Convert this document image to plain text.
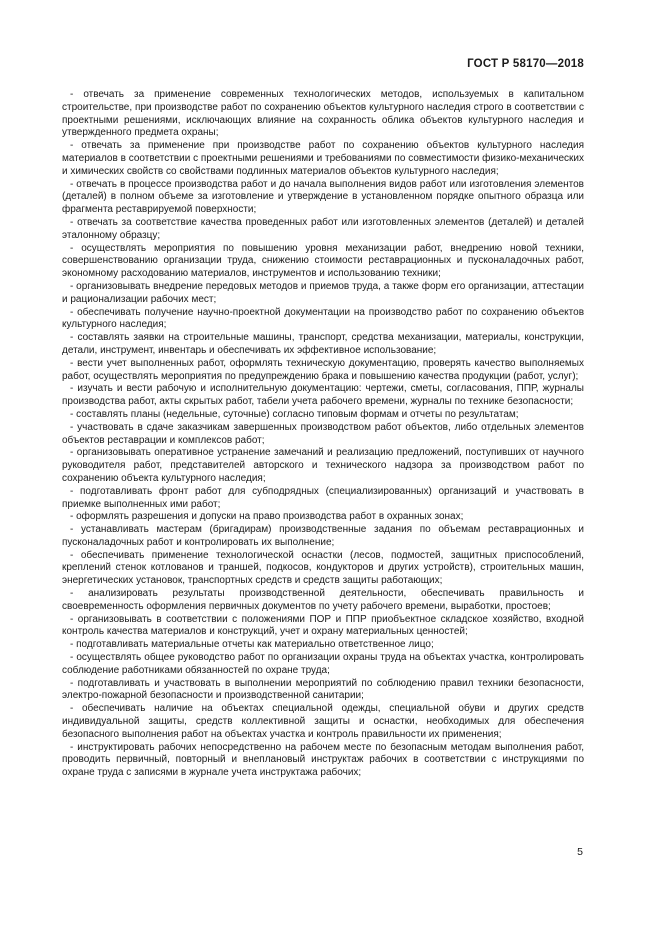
ГОСТ Р 58170—2018

- отвечать за применение современных технологических методов, используемых в капитальном строительстве, при производстве работ по сохранению объектов культурного наследия строго в соответствии с проектными решениями, исключающих влияние на сохранность облика объектов культурного наследия и утвержденного предмета охраны;

- отвечать за применение при производстве работ по сохранению объектов культурного наследия материалов в соответствии с проектными решениями и требованиями по совместимости физико-механических и химических свойств со свойствами подлинных материалов объектов культурного наследия;

- отвечать в процессе производства работ и до начала выполнения видов работ или изготовления элементов (деталей) в полном объеме за изготовление и утверждение в установленном порядке опытного образца или фрагмента реставрируемой поверхности;

- отвечать за соответствие качества проведенных работ или изготовленных элементов (деталей) и деталей эталонному образцу;

- осуществлять мероприятия по повышению уровня механизации работ, внедрению новой техники, совершенствованию организации труда, снижению стоимости реставрационных и пусконаладочных работ, экономному расходованию материалов, инструментов и использованию техники;

- организовывать внедрение передовых методов и приемов труда, а также форм его организации, аттестации и рационализации рабочих мест;

- обеспечивать получение научно-проектной документации на производство работ по сохранению объектов культурного наследия;

- составлять заявки на строительные машины, транспорт, средства механизации, материалы, конструкции, детали, инструмент, инвентарь и обеспечивать их эффективное использование;

- вести учет выполненных работ, оформлять техническую документацию, проверять качество выполняемых работ, осуществлять мероприятия по предупреждению брака и повышению качества продукции (работ, услуг);

- изучать и вести рабочую и исполнительную документацию: чертежи, сметы, согласования, ППР, журналы производства работ, акты скрытых работ, табели учета рабочего времени, журналы по технике безопасности;

- составлять планы (недельные, суточные) согласно типовым формам и отчеты по результатам;

- участвовать в сдаче заказчикам завершенных производством работ объектов, либо отдельных элементов объектов реставрации и комплексов работ;

- организовывать оперативное устранение замечаний и реализацию предложений, поступивших от научного руководителя работ, представителей авторского и технического надзора за производством работ по сохранению объекта культурного наследия;

- подготавливать фронт работ для субподрядных (специализированных) организаций и участвовать в приемке выполненных ими работ;

- оформлять разрешения и допуски на право производства работ в охранных зонах;

- устанавливать мастерам (бригадирам) производственные задания по объемам реставрационных и пусконаладочных работ и контролировать их выполнение;

- обеспечивать применение технологической оснастки (лесов, подмостей, защитных приспособлений, креплений стенок котлованов и траншей, подкосов, кондукторов и других устройств), строительных машин, энергетических установок, транспортных средств и средств защиты работающих;

- анализировать результаты производственной деятельности, обеспечивать правильность и своевременность оформления первичных документов по учету рабочего времени, выработки, простоев;

- организовывать в соответствии с положениями ПОР и ППР приобъектное складское хозяйство, входной контроль качества материалов и конструкций, учет и охрану материальных ценностей;

- подготавливать материальные отчеты как материально ответственное лицо;

- осуществлять общее руководство работ по организации охраны труда на объектах участка, контролировать соблюдение работниками обязанностей по охране труда;

- подготавливать и участвовать в выполнении мероприятий по соблюдению правил техники безопасности, электро-пожарной безопасности и производственной санитарии;

- обеспечивать наличие на объектах специальной одежды, специальной обуви и других средств индивидуальной защиты, средств коллективной защиты и оснастки, необходимых для обеспечения безопасного выполнения работ на объектах участка и контроль правильности их применения;

- инструктировать рабочих непосредственно на рабочем месте по безопасным методам выполнения работ, проводить первичный, повторный и внеплановый инструктаж рабочих в соответствии с инструкциями по охране труда с записями в журнале учета инструктажа рабочих;

5
